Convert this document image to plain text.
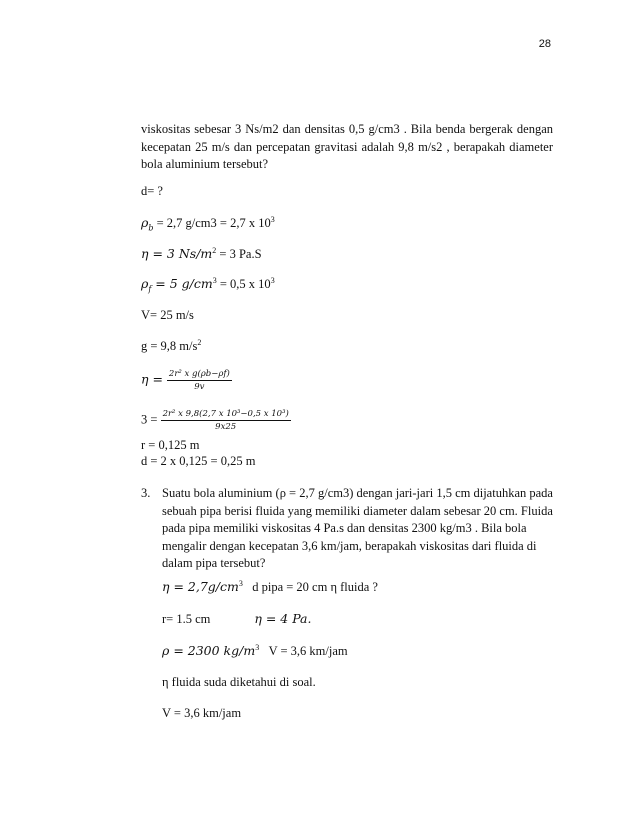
28
viskositas sebesar 3 Ns/m2 dan densitas 0,5 g/cm3 . Bila benda bergerak dengan kecepatan 25 m/s dan percepatan gravitasi adalah 9,8 m/s2 , berapakah diameter bola aluminium tersebut?
d= ?
$\rho_b = 2,7$ g/cm3 = 2,7 x $10^3$
η = 3 $Ns/m^2 = 3$ Pa.S
$\rho_f = 5$ $g/cm^3 = 0,5$ x $10^3$
V= 25 m/s
g = 9,8 $m/s^2$
$\eta = \frac{\text{2r² x g(ρb−ρf)}}{9v}$
$3 = \frac{\text{2r² x 9,8(2,7 x 10³−0,5 x 10³)}}{9x25}$
r = 0,125 m
d = 2 x 0,125 = 0,25 m
3. Suatu bola aluminium (ρ = 2,7 g/cm3) dengan jari-jari 1,5 cm dijatuhkan pada sebuah pipa berisi fluida yang memiliki diameter dalam sebesar 20 cm. Fluida pada pipa memiliki viskositas 4 Pa.s dan densitas 2300 kg/m3 . Bila bola mengalir dengan kecepatan 3,6 km/jam, berapakah viskositas dari fluida di dalam pipa tersebut?
$\eta = 2,7g/cm^3$ d pipa = 20 cm η fluida ?
r= 1.5 cm	η = 4 Pa.
ρ = 2300 $kg/m^3$ V = 3,6 km/jam
η fluida suda diketahui di soal.
V = 3,6 km/jam
